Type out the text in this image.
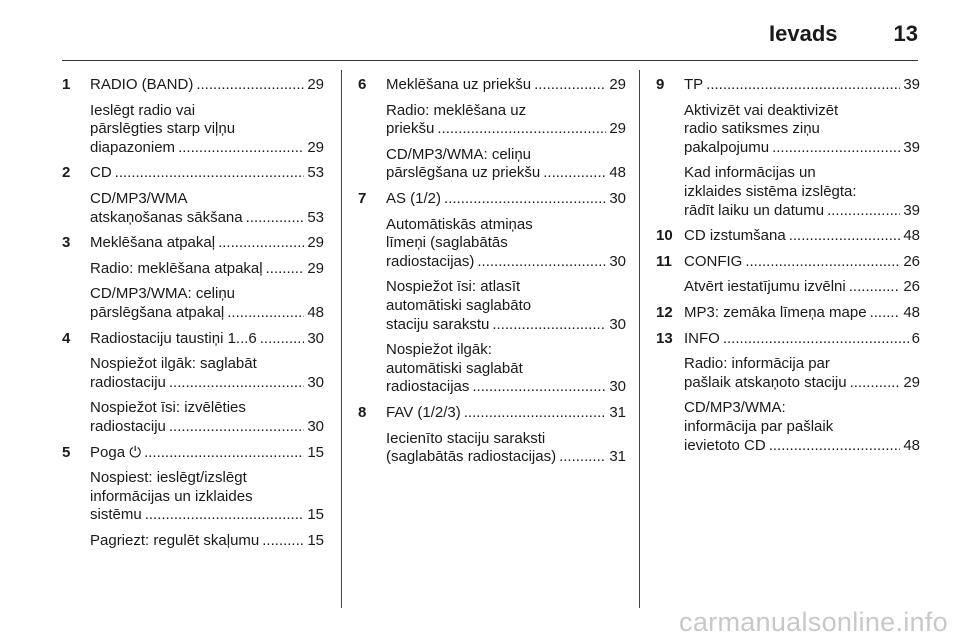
Ievads	13
1 RADIO (BAND) .....	29
Ieslēgt radio vai
pārslēgties starp viļņu
diapazoniem .....	29
2 CD .....	53
CD/MP3/WMA
atskaņošanas sākšana .....	53
3 Meklēšana atpakaļ .....	29
Radio: meklēšana atpakaļ .....	29
CD/MP3/WMA: celiņu
pārslēgšana atpakaļ .....	48
4 Radiostaciju taustiņi 1...6 .....	30
Nospiežot ilgāk: saglabāt
radiostaciju .....	30
Nospiežot īsi: izvēlēties
radiostaciju .....	30
5 Poga ⏻ .....	15
Nospiest: ieslēgt/izslēgt
informācijas un izklaides
sistēmu .....	15
Pagriezt: regulēt skaļumu .....	15
6 Meklēšana uz priekšu .....	29
Radio: meklēšana uz
priekšu .....	29
CD/MP3/WMA: celiņu
pārslēgšana uz priekšu .....	48
7 AS (1/2) .....	30
Automātiskās atmiņas
līmeņi (saglabātās
radiostacijas) .....	30
Nospiežot īsi: atlasīt
automātiski saglabāto
staciju sarakstu .....	30
Nospiežot ilgāk:
automātiski saglabāt
radiostacijas .....	30
8 FAV (1/2/3) .....	31
Iecienīto staciju saraksti
(saglabātās radiostacijas) .....	31
9 TP .....	39
Aktivizēt vai deaktivizēt
radio satiksmes ziņu
pakalpojumu .....	39
Kad informācijas un
izklaides sistēma izslēgta:
rādīt laiku un datumu .....	39
10 CD izstumšana .....	48
11 CONFIG .....	26
Atvērt iestatījumu izvēlni .....	26
12 MP3: zemāka līmeņa mape ..... 48
13 INFO .....	6
Radio: informācija par
pašlaik atskaņoto staciju .....	29
CD/MP3/WMA:
informācija par pašlaik
ievietoto CD .....	48
carmanualsonline.info
